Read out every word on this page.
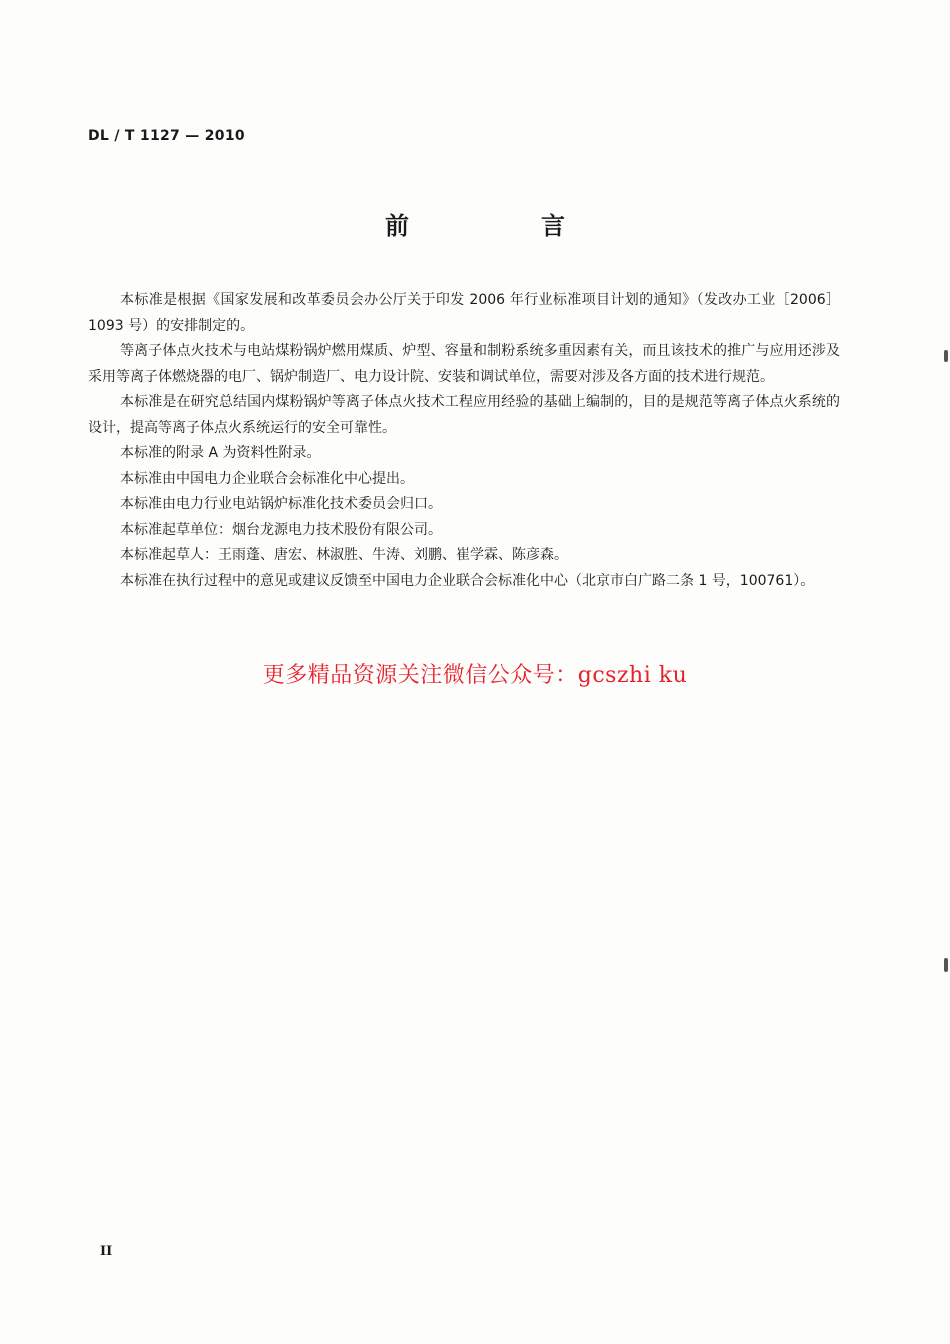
DL / T 1127 — 2010
前　言

本标准是根据《国家发展和改革委员会办公厅关于印发 2006 年行业标准项目计划的通知》（发改办工业［2006］1093 号）的安排制定的。

等离子体点火技术与电站煤粉锅炉燃用煤质、炉型、容量和制粉系统多重因素有关，而且该技术的推广与应用还涉及采用等离子体燃烧器的电厂、锅炉制造厂、电力设计院、安装和调试单位，需要对涉及各方面的技术进行规范。

本标准是在研究总结国内煤粉锅炉等离子体点火技术工程应用经验的基础上编制的，目的是规范等离子体点火系统的设计，提高等离子体点火系统运行的安全可靠性。

本标准的附录 A 为资料性附录。

本标准由中国电力企业联合会标准化中心提出。

本标准由电力行业电站锅炉标准化技术委员会归口。

本标准起草单位：烟台龙源电力技术股份有限公司。

本标准起草人：王雨蓬、唐宏、林淑胜、牛涛、刘鹏、崔学霖、陈彦森。

本标准在执行过程中的意见或建议反馈至中国电力企业联合会标准化中心（北京市白广路二条 1 号，100761）。

更多精品资源关注微信公众号：gcszhi ku
II
